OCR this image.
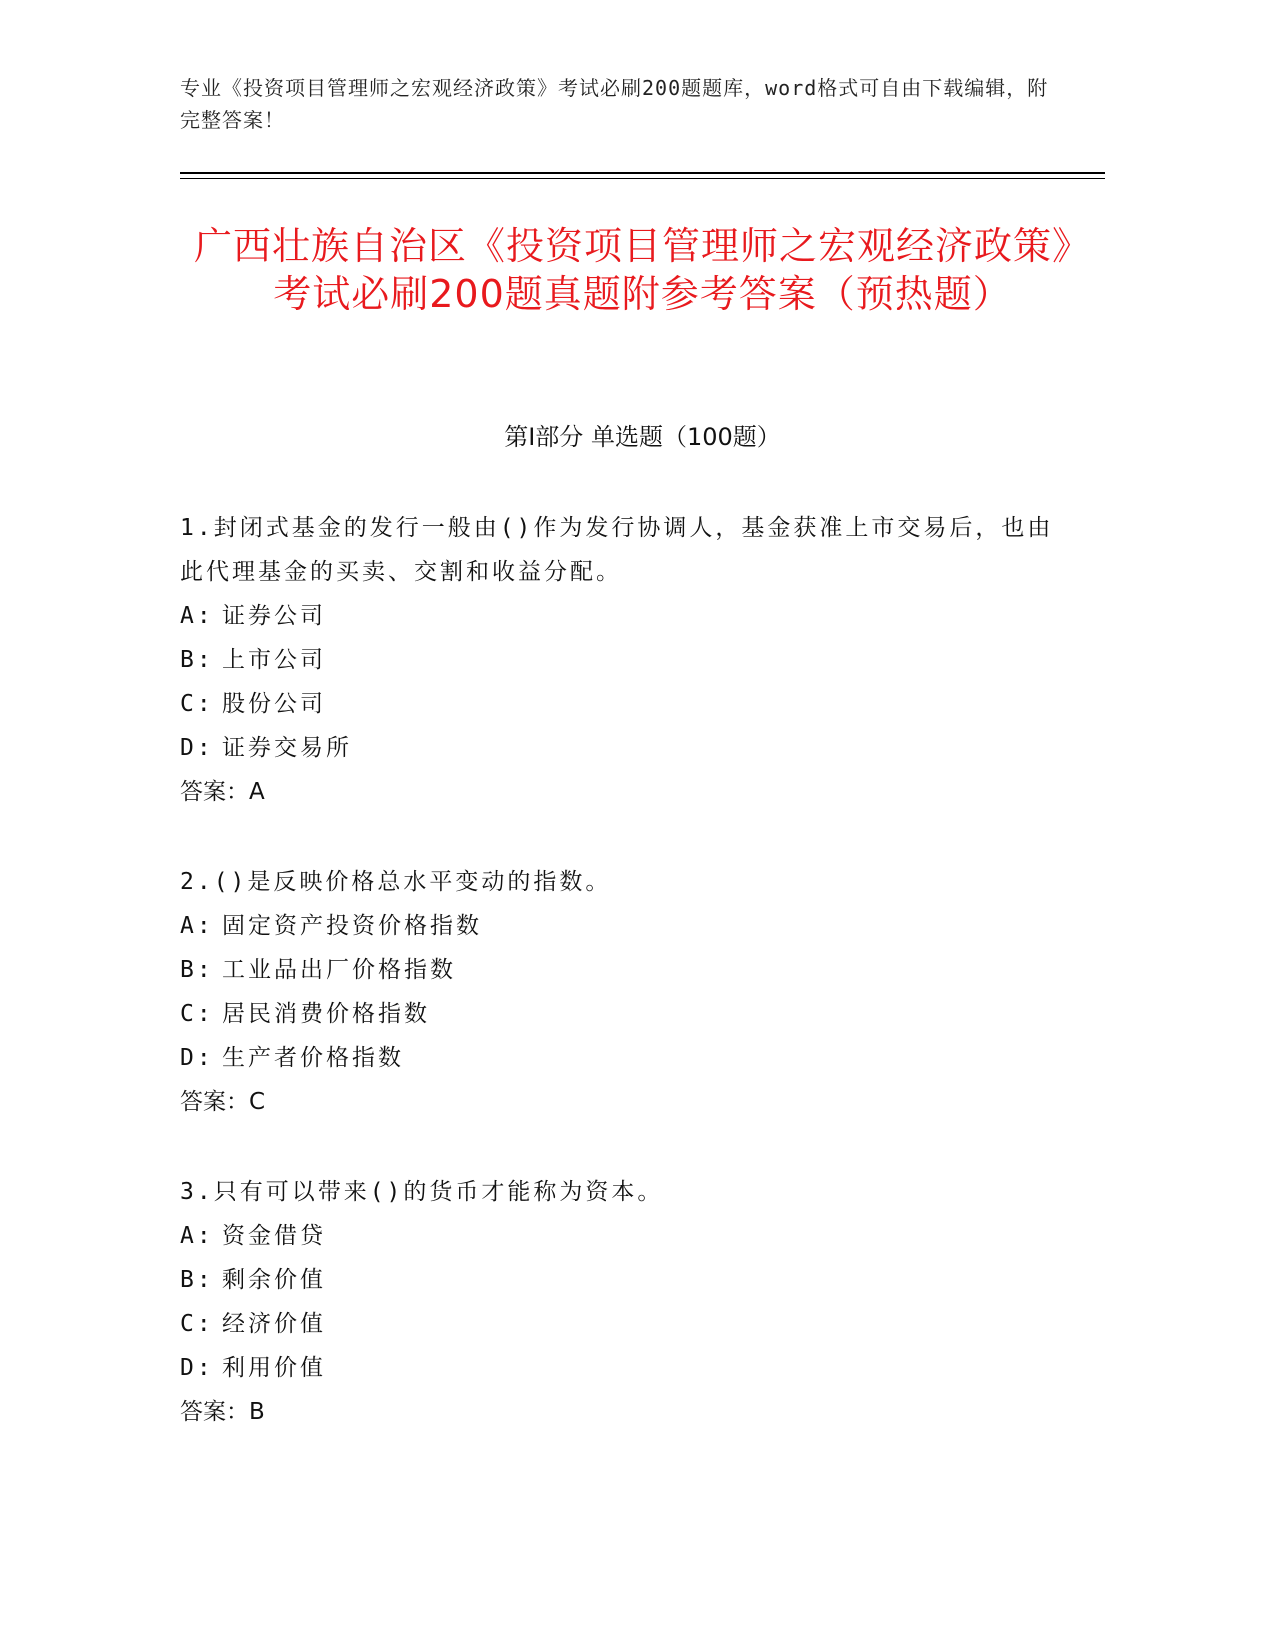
专业《投资项目管理师之宏观经济政策》考试必刷200题题库，word格式可自由下载编辑，附完整答案！
广西壮族自治区《投资项目管理师之宏观经济政策》考试必刷200题真题附参考答案（预热题）
第I部分 单选题（100题）

1.封闭式基金的发行一般由()作为发行协调人，基金获准上市交易后，也由此代理基金的买卖、交割和收益分配。

A: 证券公司

B: 上市公司

C: 股份公司

D: 证券交易所

答案：A

2.()是反映价格总水平变动的指数。

A: 固定资产投资价格指数

B: 工业品出厂价格指数

C: 居民消费价格指数

D: 生产者价格指数

答案：C

3.只有可以带来()的货币才能称为资本。

A: 资金借贷

B: 剩余价值

C: 经济价值

D: 利用价值

答案：B
